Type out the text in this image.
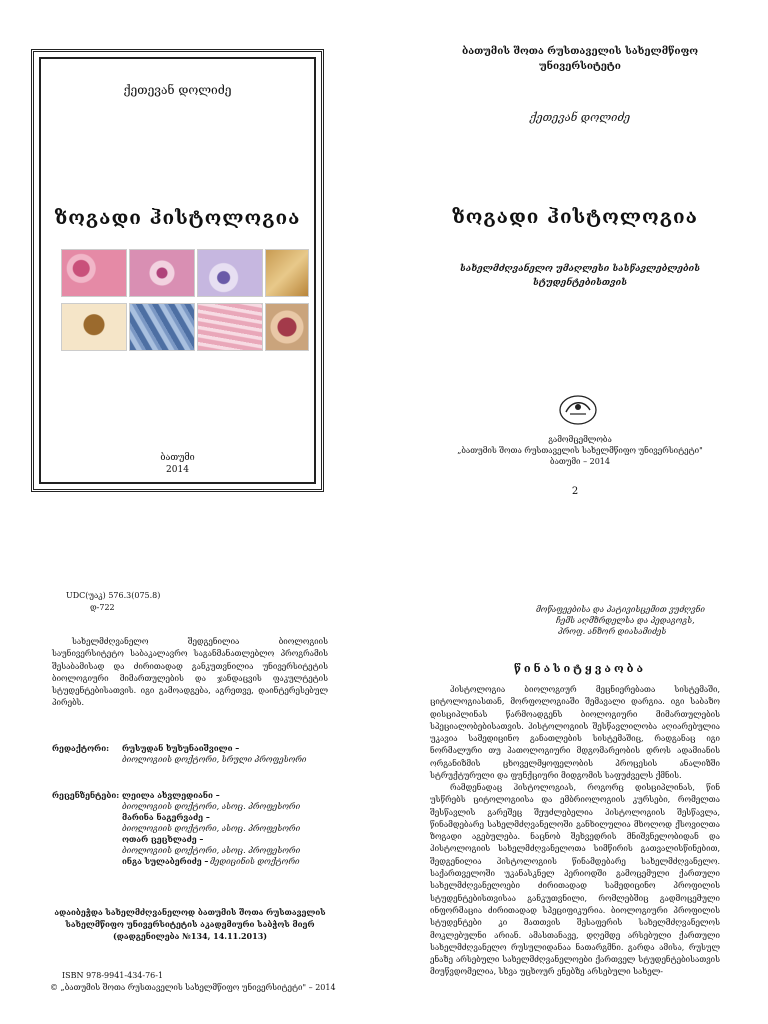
ქეთევან დოლიძე
ზოგადი ჰისტოლოგია
ბათუმი
2014
ბათუმის შოთა რუსთაველის სახელმწიფო უნივერსიტეტი
ქეთევან დოლიძე
ზოგადი ჰისტოლოგია
სახელმძღვანელო უმაღლესი სასწავლებლების სტუდენტებისთვის
გამომცემლობა
„ბათუმის შოთა რუსთაველის სახელმწიფო უნივერსიტეტი"
ბათუმი – 2014
2
UDC(უაკ) 576.3(075.8)
დ-722
სახელმძღვანელო შედგენილია ბიოლოგიის საუნივერსიტეტო საბაკალავრო საგანმანათლებლო პროგრამის შესაბამისად და ძირითადად განკუთვნილია უნივერსიტეტის ბიოლოგიური მიმართულების და ჯანდაცვის ფაკულტეტის სტუდენტებისათვის. იგი გამოადგება, აგრეთვე, დაინტერესებულ პირებს.
რედაქტორი: რუსუდან ხუხუნაიშვილი –
ბიოლოგიის დოქტორი, სრული პროფესორი
რეცენზენტები: ლეილა ახვლედიანი –
ბიოლოგიის დოქტორი, ასოც. პროფესორი
მარინა ნაგერვაძე –
ბიოლოგიის დოქტორი, ასოც. პროფესორი
ოთარ ცეცხლაძე –
ბიოლოგიის დოქტორი, ასოც. პროფესორი
ინგა სულაბერიძე – მედიცინის დოქტორი
ადაიბეჭდა სახელმძღვანელოდ ბათუმის შოთა რუსთაველის სახელმწიფო უნივერსიტეტის აკადემიური საბჭოს მიერ (დადგენილება №134, 14.11.2013)
ISBN 978-9941-434-76-1
© „ბათუმის შოთა რუსთაველის სახელმწიფო უნივერსიტეტი" – 2014
მოწაფეებისა და პატივისცემით ვუძღვნი
ჩემს აღმზრდელსა და პედაგოგს,
პროფ. ანზორ დიასამიძეს
წინასიტყვაობა
ჰისტოლოგია ბიოლოგიურ მეცნიერებათა სისტემაში, ციტოლოგიასთან, მორფოლოგიაში შემავალი დარგია. იგი საბაზო დისციპლინას წარმოადგენს ბიოლოგიური მიმართულების სპეციალობებისათვის. ჰისტოლოგიის შესწავლილობა აღიარებულია უკავია სამედიცინო განათლების სისტემაშიც, რადგანაც იგი ნორმალური თუ პათოლოგიური მდგომარეობის დროს ადამიანის ორგანიზმის ცხოველმყოფელობის პროცესის ანალიზში სტრუქტურული და ფუნქციური მიდგომის საფუძველს ქმნის.
რამდენადაც ჰისტოლოგიას, როგორც დისციპლინას, წინ უსწრებს ციტოლოგიისა და ემბრიოლოგიის კურსები, რომელთა შესწავლის გარეშეც შეუძლებელია ჰისტოლოგიის შესწავლა, წინამდებარე სახელმძღვანელოში განხილულია მხოლოდ ქსოვილთა ზოგადი აგებულება. ნაცნობ შეხვედრის მნიშვნელობიდან და ჰისტოლოგიის სახელმძღვანელოთა სიმწირის გათვალისწინებით, შედგენილია ჰისტოლოგიის წინამდებარე სახელმძღვანელო. საქართველოში უკანასკნელ პერიოდში გამოცემული ქართული სახელმძღვანელოები ძირითადად სამედიცინო პროფილის სტუდენტებისთვისაა განკუთვნილი, რომლებშიც გადმოცემული ინფორმაცია ძირითადად სპეციფიკურია. ბიოლოგიური პროფილის სტუდენტები კი მათთვის შესაფერის სახელმძღვანელოს მოკლებულნი არიან. ამასთანავე, დღემდე არსებული ქართული სახელმძღვანელო რუსულიდანაა ნათარგმნი. გარდა ამისა, რუსულ ენაზე არსებული სახელმძღვანელოები ქართველ სტუდენტებისათვის მიუწვდომელია, სხვა უცხოურ ენებზე არსებული სახელ-
